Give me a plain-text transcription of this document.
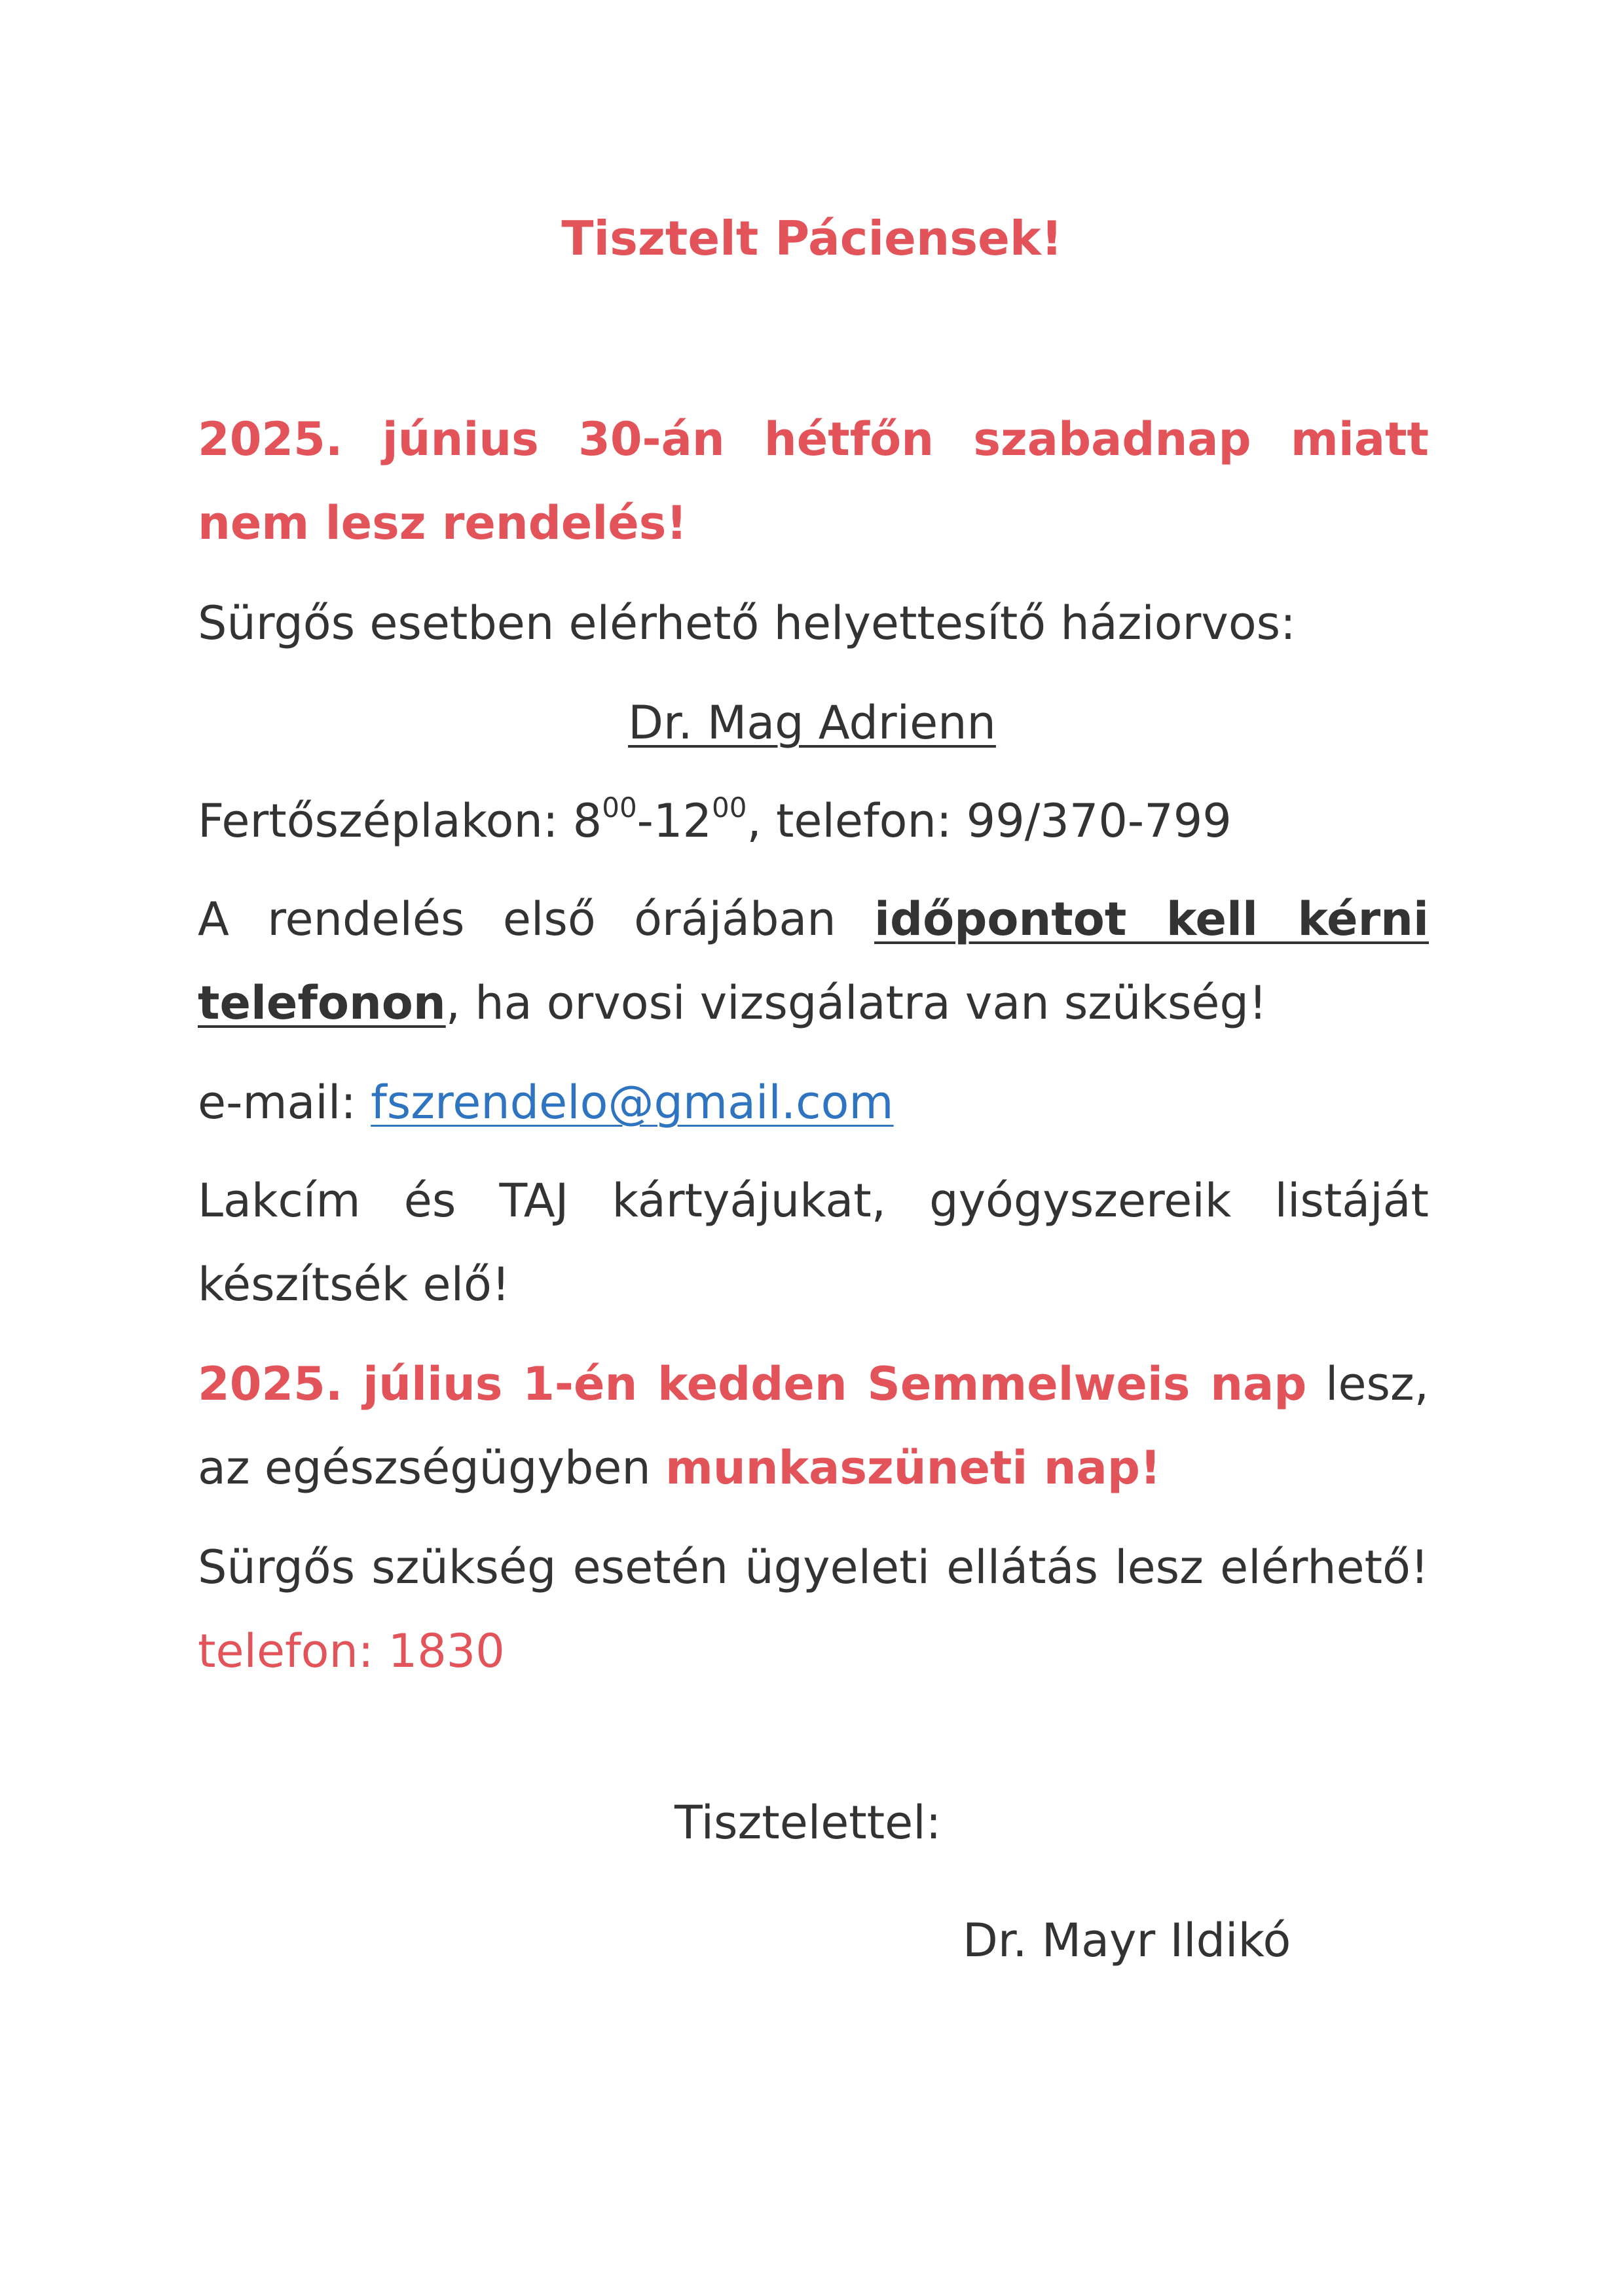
Tisztelt Páciensek!

2025. június 30-án hétfőn szabadnap miatt nem lesz rendelés!

Sürgős esetben elérhető helyettesítő háziorvos:

Dr. Mag Adrienn

Fertőszéplakon: $8^{00}-12^{00}$, telefon: 99/370-799

A rendelés első órájában időpontot kell kérni telefonon, ha orvosi vizsgálatra van szükség!

e-mail: fszrendelo@gmail.com

Lakcím és TAJ kártyájukat, gyógyszereik listáját készítsék elő!

2025. július 1-én kedden Semmelweis nap lesz, az egészségügyben munkaszüneti nap!

Sürgős szükség esetén ügyeleti ellátás lesz elérhető! telefon: 1830

Tisztelettel:
Dr. Mayr Ildikó
